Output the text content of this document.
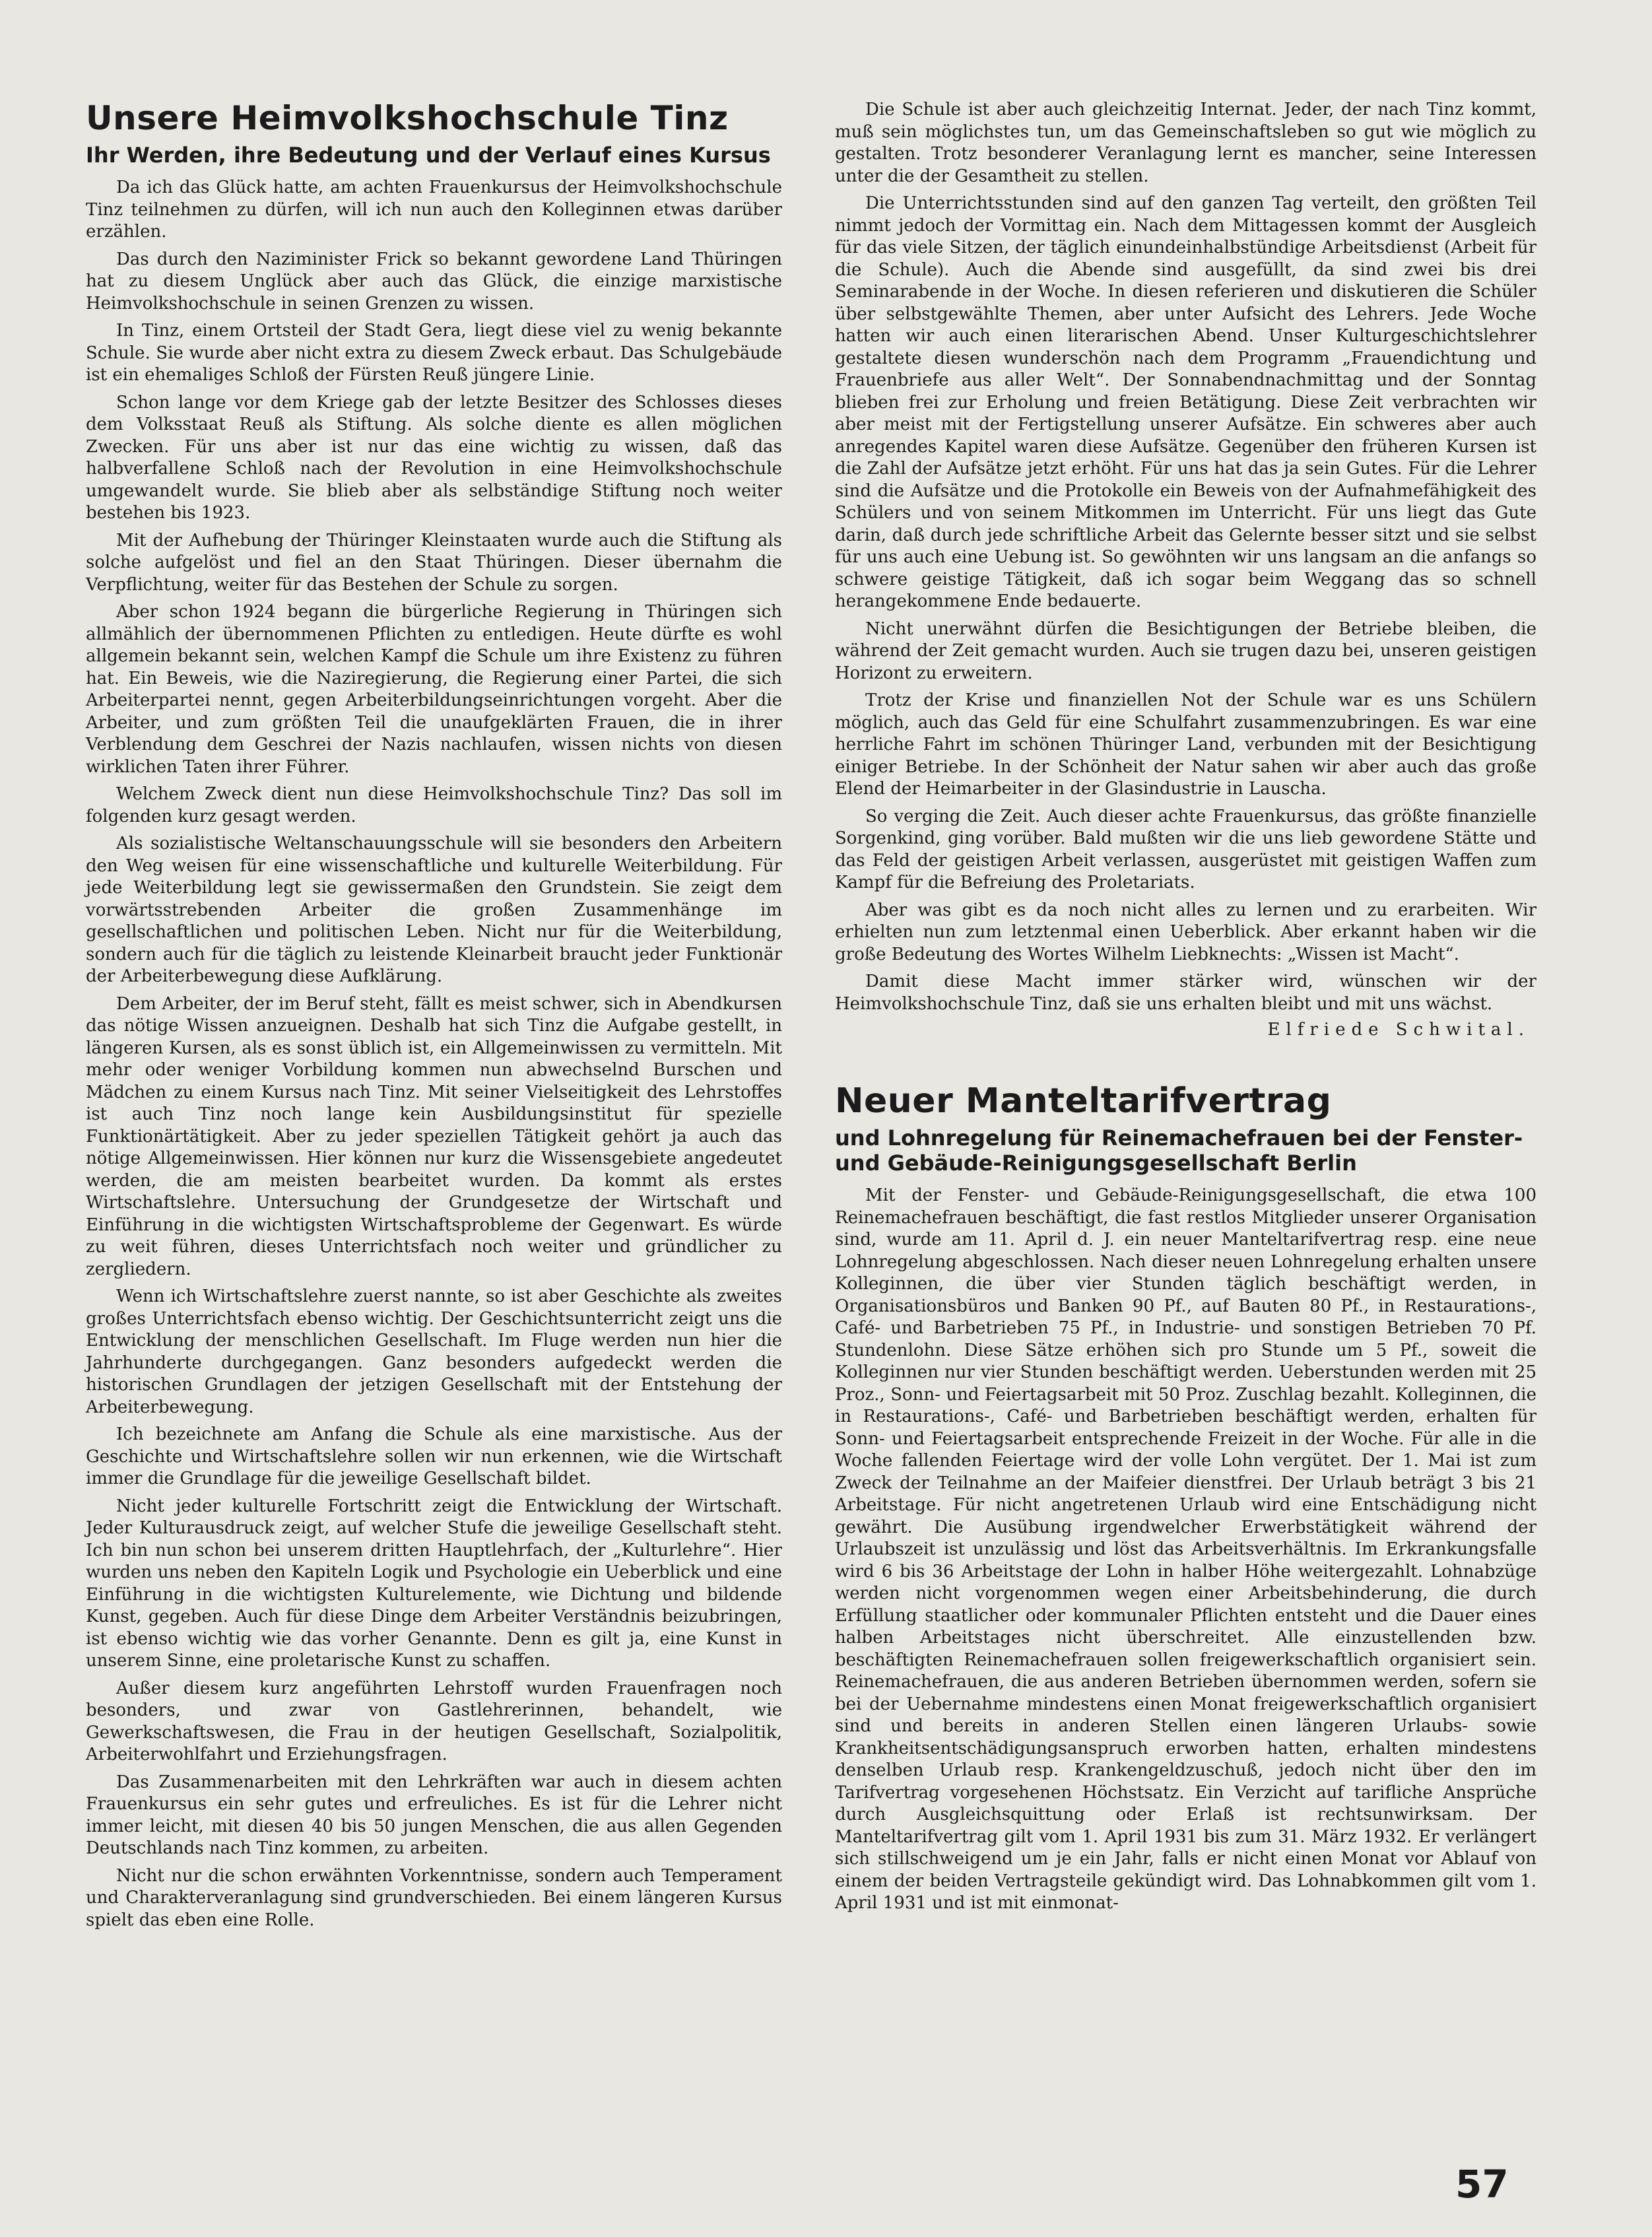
Unsere Heimvolkshochschule Tinz
Ihr Werden, ihre Bedeutung und der Verlauf eines Kursus

Da ich das Glück hatte, am achten Frauenkursus der Heimvolkshochschule Tinz teilnehmen zu dürfen, will ich nun auch den Kolleginnen etwas darüber erzählen.

Das durch den Naziminister Frick so bekannt gewordene Land Thüringen hat zu diesem Unglück aber auch das Glück, die einzige marxistische Heimvolkshochschule in seinen Grenzen zu wissen.

In Tinz, einem Ortsteil der Stadt Gera, liegt diese viel zu wenig bekannte Schule. Sie wurde aber nicht extra zu diesem Zweck erbaut. Das Schulgebäude ist ein ehemaliges Schloß der Fürsten Reuß jüngere Linie.

Schon lange vor dem Kriege gab der letzte Besitzer des Schlosses dieses dem Volksstaat Reuß als Stiftung. Als solche diente es allen möglichen Zwecken. Für uns aber ist nur das eine wichtig zu wissen, daß das halbverfallene Schloß nach der Revolution in eine Heimvolkshochschule umgewandelt wurde. Sie blieb aber als selbständige Stiftung noch weiter bestehen bis 1923.

Mit der Aufhebung der Thüringer Kleinstaaten wurde auch die Stiftung als solche aufgelöst und fiel an den Staat Thüringen. Dieser übernahm die Verpflichtung, weiter für das Bestehen der Schule zu sorgen.

Aber schon 1924 begann die bürgerliche Regierung in Thüringen sich allmählich der übernommenen Pflichten zu entledigen. Heute dürfte es wohl allgemein bekannt sein, welchen Kampf die Schule um ihre Existenz zu führen hat. Ein Beweis, wie die Naziregierung, die Regierung einer Partei, die sich Arbeiterpartei nennt, gegen Arbeiterbildungseinrichtungen vorgeht. Aber die Arbeiter, und zum größten Teil die unaufgeklärten Frauen, die in ihrer Verblendung dem Geschrei der Nazis nachlaufen, wissen nichts von diesen wirklichen Taten ihrer Führer.

Welchem Zweck dient nun diese Heimvolkshochschule Tinz? Das soll im folgenden kurz gesagt werden.

Als sozialistische Weltanschauungsschule will sie besonders den Arbeitern den Weg weisen für eine wissenschaftliche und kulturelle Weiterbildung. Für jede Weiterbildung legt sie gewissermaßen den Grundstein. Sie zeigt dem vorwärtsstrebenden Arbeiter die großen Zusammenhänge im gesellschaftlichen und politischen Leben. Nicht nur für die Weiterbildung, sondern auch für die täglich zu leistende Kleinarbeit braucht jeder Funktionär der Arbeiterbewegung diese Aufklärung.

Dem Arbeiter, der im Beruf steht, fällt es meist schwer, sich in Abendkursen das nötige Wissen anzueignen. Deshalb hat sich Tinz die Aufgabe gestellt, in längeren Kursen, als es sonst üblich ist, ein Allgemeinwissen zu vermitteln. Mit mehr oder weniger Vorbildung kommen nun abwechselnd Burschen und Mädchen zu einem Kursus nach Tinz. Mit seiner Vielseitigkeit des Lehrstoffes ist auch Tinz noch lange kein Ausbildungsinstitut für spezielle Funktionärtätigkeit. Aber zu jeder speziellen Tätigkeit gehört ja auch das nötige Allgemeinwissen. Hier können nur kurz die Wissensgebiete angedeutet werden, die am meisten bearbeitet wurden. Da kommt als erstes Wirtschaftslehre. Untersuchung der Grundgesetze der Wirtschaft und Einführung in die wichtigsten Wirtschaftsprobleme der Gegenwart. Es würde zu weit führen, dieses Unterrichtsfach noch weiter und gründlicher zu zergliedern.

Wenn ich Wirtschaftslehre zuerst nannte, so ist aber Geschichte als zweites großes Unterrichtsfach ebenso wichtig. Der Geschichtsunterricht zeigt uns die Entwicklung der menschlichen Gesellschaft. Im Fluge werden nun hier die Jahrhunderte durchgegangen. Ganz besonders aufgedeckt werden die historischen Grundlagen der jetzigen Gesellschaft mit der Entstehung der Arbeiterbewegung.

Ich bezeichnete am Anfang die Schule als eine marxistische. Aus der Geschichte und Wirtschaftslehre sollen wir nun erkennen, wie die Wirtschaft immer die Grundlage für die jeweilige Gesellschaft bildet.

Nicht jeder kulturelle Fortschritt zeigt die Entwicklung der Wirtschaft. Jeder Kulturausdruck zeigt, auf welcher Stufe die jeweilige Gesellschaft steht. Ich bin nun schon bei unserem dritten Hauptlehrfach, der „Kulturlehre“. Hier wurden uns neben den Kapiteln Logik und Psychologie ein Ueberblick und eine Einführung in die wichtigsten Kulturelemente, wie Dichtung und bildende Kunst, gegeben. Auch für diese Dinge dem Arbeiter Verständnis beizubringen, ist ebenso wichtig wie das vorher Genannte. Denn es gilt ja, eine Kunst in unserem Sinne, eine proletarische Kunst zu schaffen.

Außer diesem kurz angeführten Lehrstoff wurden Frauenfragen noch besonders, und zwar von Gastlehrerinnen, behandelt, wie Gewerkschaftswesen, die Frau in der heutigen Gesellschaft, Sozialpolitik, Arbeiterwohlfahrt und Erziehungsfragen.

Das Zusammenarbeiten mit den Lehrkräften war auch in diesem achten Frauenkursus ein sehr gutes und erfreuliches. Es ist für die Lehrer nicht immer leicht, mit diesen 40 bis 50 jungen Menschen, die aus allen Gegenden Deutschlands nach Tinz kommen, zu arbeiten.

Nicht nur die schon erwähnten Vorkenntnisse, sondern auch Temperament und Charakterveranlagung sind grundverschieden. Bei einem längeren Kursus spielt das eben eine Rolle.

Die Schule ist aber auch gleichzeitig Internat. Jeder, der nach Tinz kommt, muß sein möglichstes tun, um das Gemeinschaftsleben so gut wie möglich zu gestalten. Trotz besonderer Veranlagung lernt es mancher, seine Interessen unter die der Gesamtheit zu stellen.

Die Unterrichtsstunden sind auf den ganzen Tag verteilt, den größten Teil nimmt jedoch der Vormittag ein. Nach dem Mittagessen kommt der Ausgleich für das viele Sitzen, der täglich einundeinhalbstündige Arbeitsdienst (Arbeit für die Schule). Auch die Abende sind ausgefüllt, da sind zwei bis drei Seminarabende in der Woche. In diesen referieren und diskutieren die Schüler über selbstgewählte Themen, aber unter Aufsicht des Lehrers. Jede Woche hatten wir auch einen literarischen Abend. Unser Kulturgeschichtslehrer gestaltete diesen wunderschön nach dem Programm „Frauendichtung und Frauenbriefe aus aller Welt“. Der Sonnabendnachmittag und der Sonntag blieben frei zur Erholung und freien Betätigung. Diese Zeit verbrachten wir aber meist mit der Fertigstellung unserer Aufsätze. Ein schweres aber auch anregendes Kapitel waren diese Aufsätze. Gegenüber den früheren Kursen ist die Zahl der Aufsätze jetzt erhöht. Für uns hat das ja sein Gutes. Für die Lehrer sind die Aufsätze und die Protokolle ein Beweis von der Aufnahmefähigkeit des Schülers und von seinem Mitkommen im Unterricht. Für uns liegt das Gute darin, daß durch jede schriftliche Arbeit das Gelernte besser sitzt und sie selbst für uns auch eine Uebung ist. So gewöhnten wir uns langsam an die anfangs so schwere geistige Tätigkeit, daß ich sogar beim Weggang das so schnell herangekommene Ende bedauerte.

Nicht unerwähnt dürfen die Besichtigungen der Betriebe bleiben, die während der Zeit gemacht wurden. Auch sie trugen dazu bei, unseren geistigen Horizont zu erweitern.

Trotz der Krise und finanziellen Not der Schule war es uns Schülern möglich, auch das Geld für eine Schulfahrt zusammenzubringen. Es war eine herrliche Fahrt im schönen Thüringer Land, verbunden mit der Besichtigung einiger Betriebe. In der Schönheit der Natur sahen wir aber auch das große Elend der Heimarbeiter in der Glasindustrie in Lauscha.

So verging die Zeit. Auch dieser achte Frauenkursus, das größte finanzielle Sorgenkind, ging vorüber. Bald mußten wir die uns lieb gewordene Stätte und das Feld der geistigen Arbeit verlassen, ausgerüstet mit geistigen Waffen zum Kampf für die Befreiung des Proletariats.

Aber was gibt es da noch nicht alles zu lernen und zu erarbeiten. Wir erhielten nun zum letztenmal einen Ueberblick. Aber erkannt haben wir die große Bedeutung des Wortes Wilhelm Liebknechts: „Wissen ist Macht“.

Damit diese Macht immer stärker wird, wünschen wir der Heimvolkshochschule Tinz, daß sie uns erhalten bleibt und mit uns wächst.

Elfriede Schwital.
Neuer Manteltarifvertrag
und Lohnregelung für Reinemachefrauen bei der Fenster- und Gebäude-Reinigungsgesellschaft Berlin

Mit der Fenster- und Gebäude-Reinigungsgesellschaft, die etwa 100 Reinemachefrauen beschäftigt, die fast restlos Mitglieder unserer Organisation sind, wurde am 11. April d. J. ein neuer Manteltarifvertrag resp. eine neue Lohnregelung abgeschlossen. Nach dieser neuen Lohnregelung erhalten unsere Kolleginnen, die über vier Stunden täglich beschäftigt werden, in Organisationsbüros und Banken 90 Pf., auf Bauten 80 Pf., in Restaurations-, Café- und Barbetrieben 75 Pf., in Industrie- und sonstigen Betrieben 70 Pf. Stundenlohn. Diese Sätze erhöhen sich pro Stunde um 5 Pf., soweit die Kolleginnen nur vier Stunden beschäftigt werden. Ueberstunden werden mit 25 Proz., Sonn- und Feiertagsarbeit mit 50 Proz. Zuschlag bezahlt. Kolleginnen, die in Restaurations-, Café- und Barbetrieben beschäftigt werden, erhalten für Sonn- und Feiertagsarbeit entsprechende Freizeit in der Woche. Für alle in die Woche fallenden Feiertage wird der volle Lohn vergütet. Der 1. Mai ist zum Zweck der Teilnahme an der Maifeier dienstfrei. Der Urlaub beträgt 3 bis 21 Arbeitstage. Für nicht angetretenen Urlaub wird eine Entschädigung nicht gewährt. Die Ausübung irgendwelcher Erwerbstätigkeit während der Urlaubszeit ist unzulässig und löst das Arbeitsverhältnis. Im Erkrankungsfalle wird 6 bis 36 Arbeitstage der Lohn in halber Höhe weitergezahlt. Lohnabzüge werden nicht vorgenommen wegen einer Arbeitsbehinderung, die durch Erfüllung staatlicher oder kommunaler Pflichten entsteht und die Dauer eines halben Arbeitstages nicht überschreitet. Alle einzustellenden bzw. beschäftigten Reinemachefrauen sollen freigewerkschaftlich organisiert sein. Reinemachefrauen, die aus anderen Betrieben übernommen werden, sofern sie bei der Uebernahme mindestens einen Monat freigewerkschaftlich organisiert sind und bereits in anderen Stellen einen längeren Urlaubs- sowie Krankheitsentschädigungsanspruch erworben hatten, erhalten mindestens denselben Urlaub resp. Krankengeldzuschuß, jedoch nicht über den im Tarifvertrag vorgesehenen Höchstsatz. Ein Verzicht auf tarifliche Ansprüche durch Ausgleichsquittung oder Erlaß ist rechtsunwirksam. Der Manteltarifvertrag gilt vom 1. April 1931 bis zum 31. März 1932. Er verlängert sich stillschweigend um je ein Jahr, falls er nicht einen Monat vor Ablauf von einem der beiden Vertragsteile gekündigt wird. Das Lohnabkommen gilt vom 1. April 1931 und ist mit einmonat-

57
